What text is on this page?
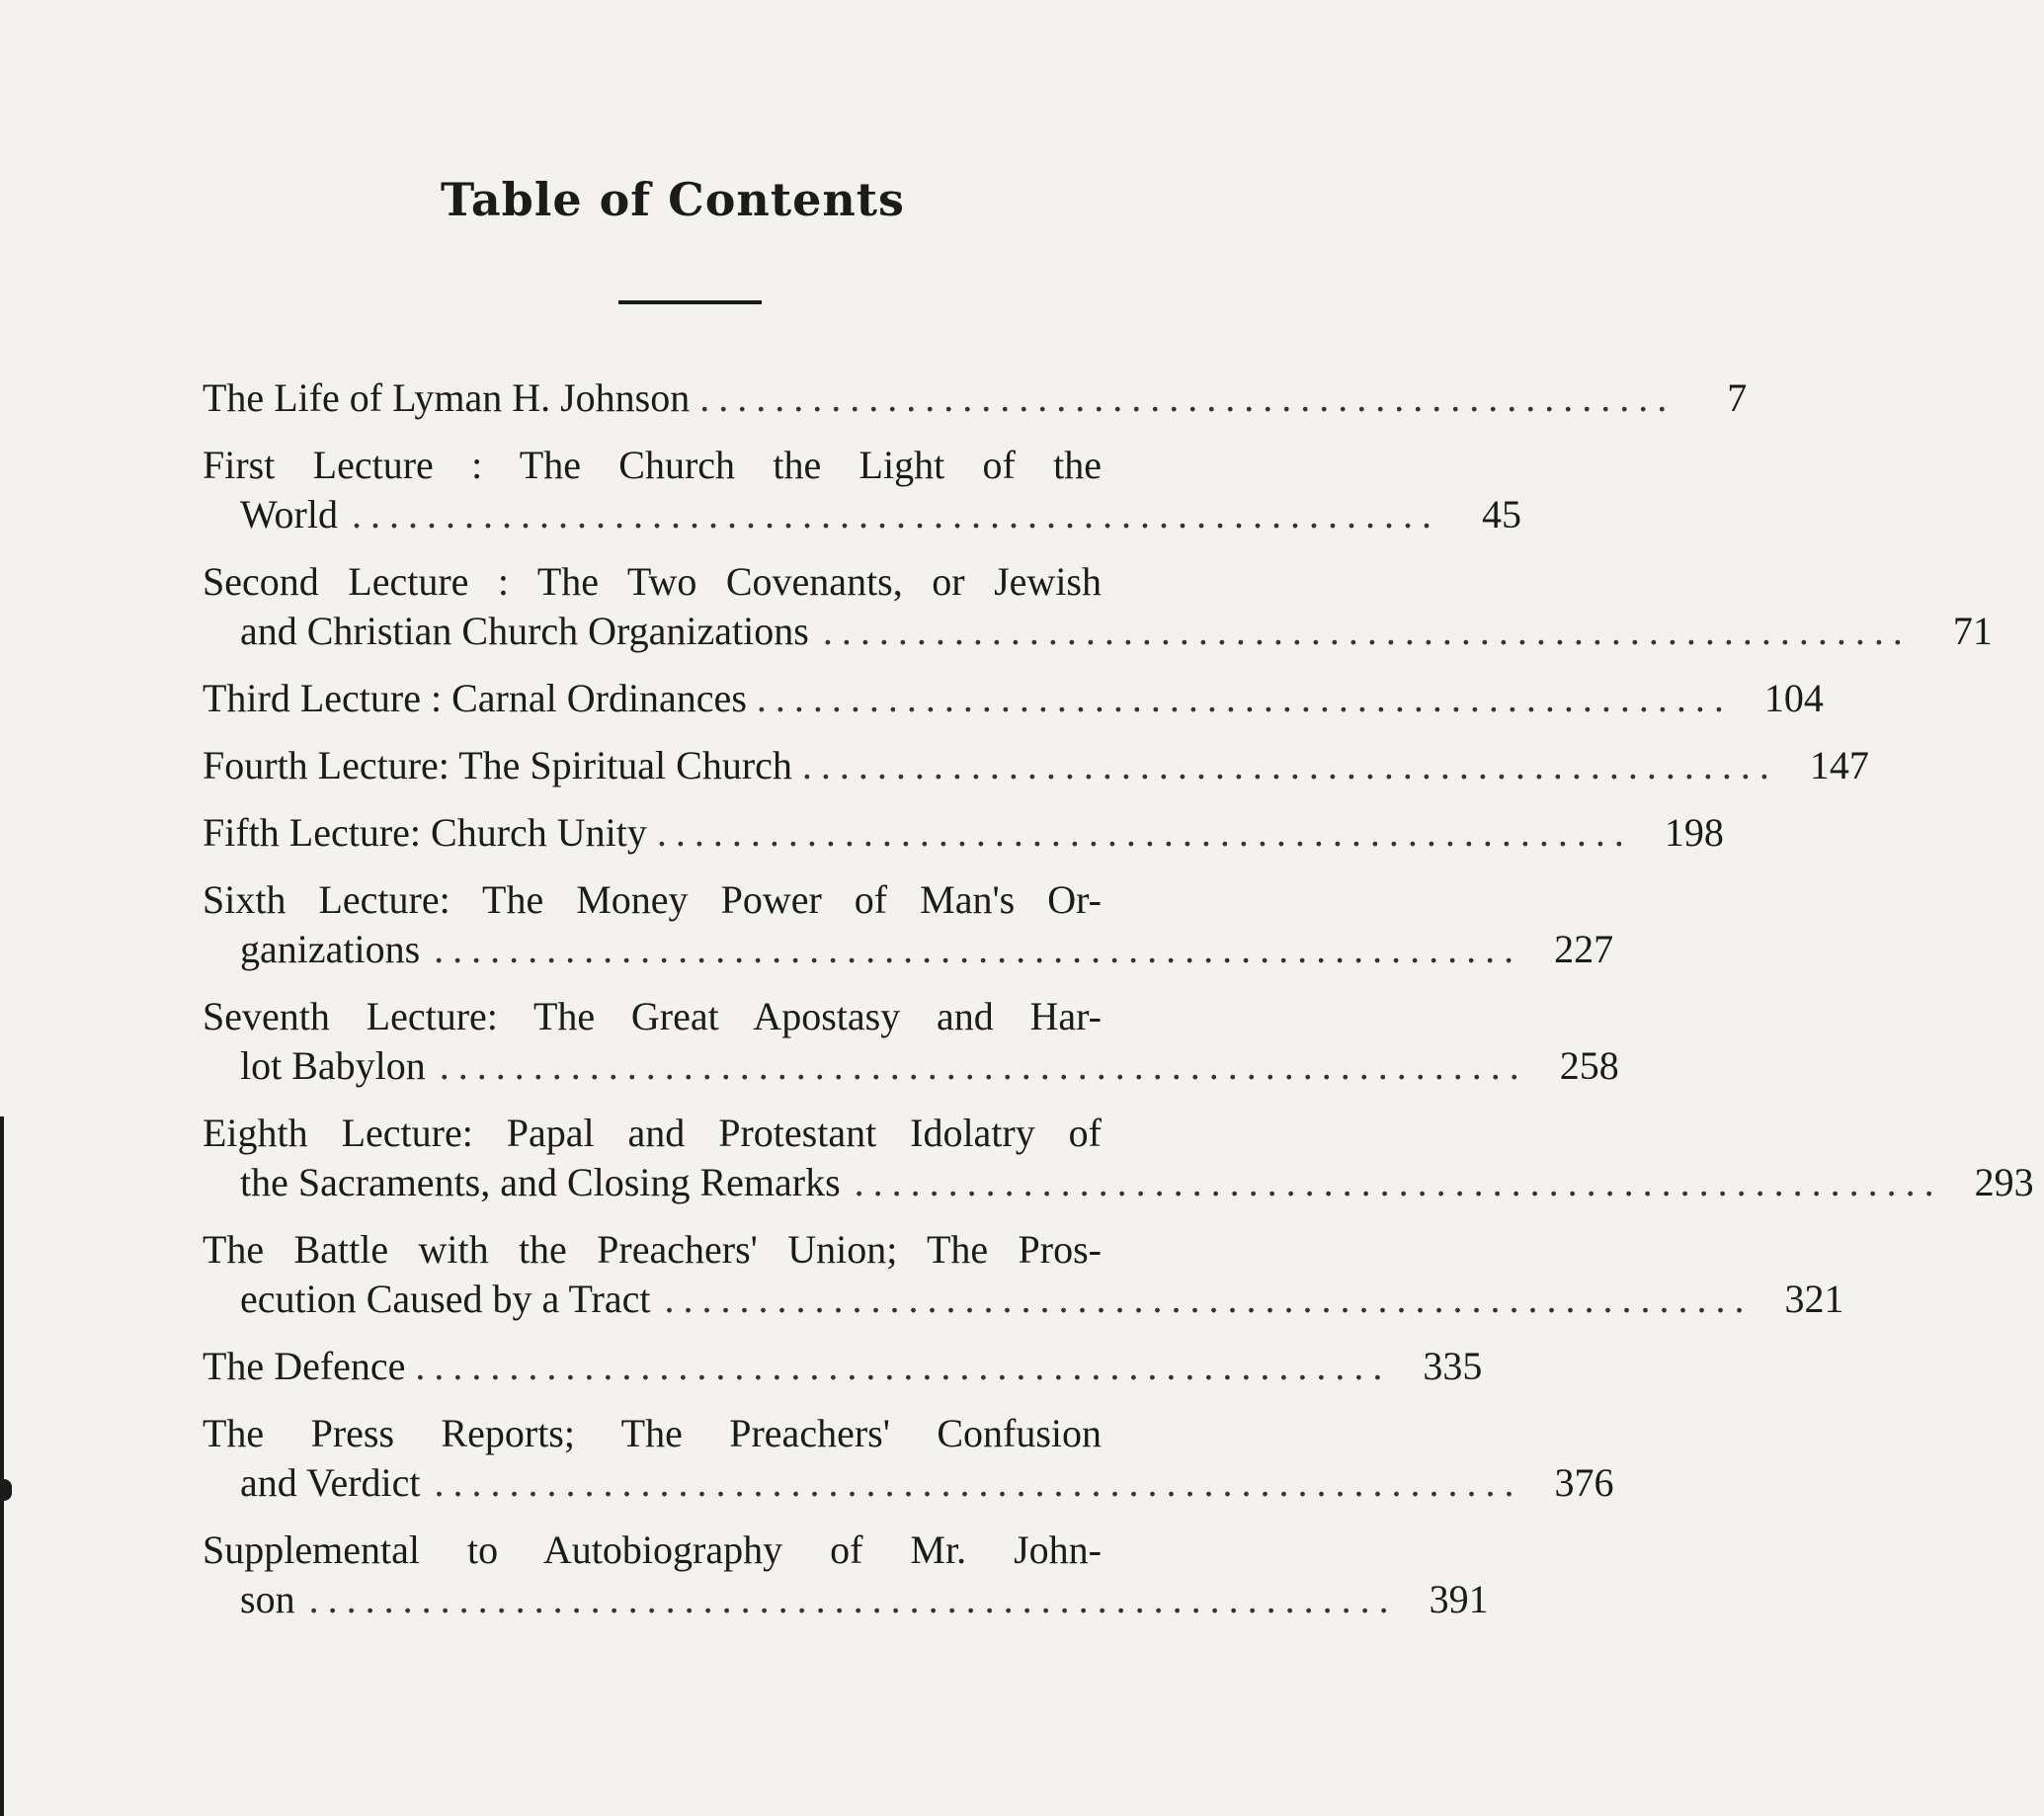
Table of Contents
The Life of Lyman H. Johnson ....................................................	7
First Lecture : The Church the Light of the
World ..........................................................	45
Second Lecture : The Two Covenants, or Jewish
and Christian Church Organizations ..........................................................	71
Third Lecture : Carnal Ordinances .................................................... 104
Fourth Lecture: The Spiritual Church .................................................... 147
Fifth Lecture: Church Unity .................................................... 198
Sixth Lecture: The Money Power of Man's Or-
ganizations .......................................................... 227
Seventh Lecture: The Great Apostasy and Har-
lot Babylon .......................................................... 258
Eighth Lecture: Papal and Protestant Idolatry of
the Sacraments, and Closing Remarks .......................................................... 293
The Battle with the Preachers' Union; The Pros-
ecution Caused by a Tract .......................................................... 321
The Defence .................................................... 335
The Press Reports; The Preachers' Confusion
and Verdict .......................................................... 376
Supplemental to Autobiography of Mr. John-
son .......................................................... 391
